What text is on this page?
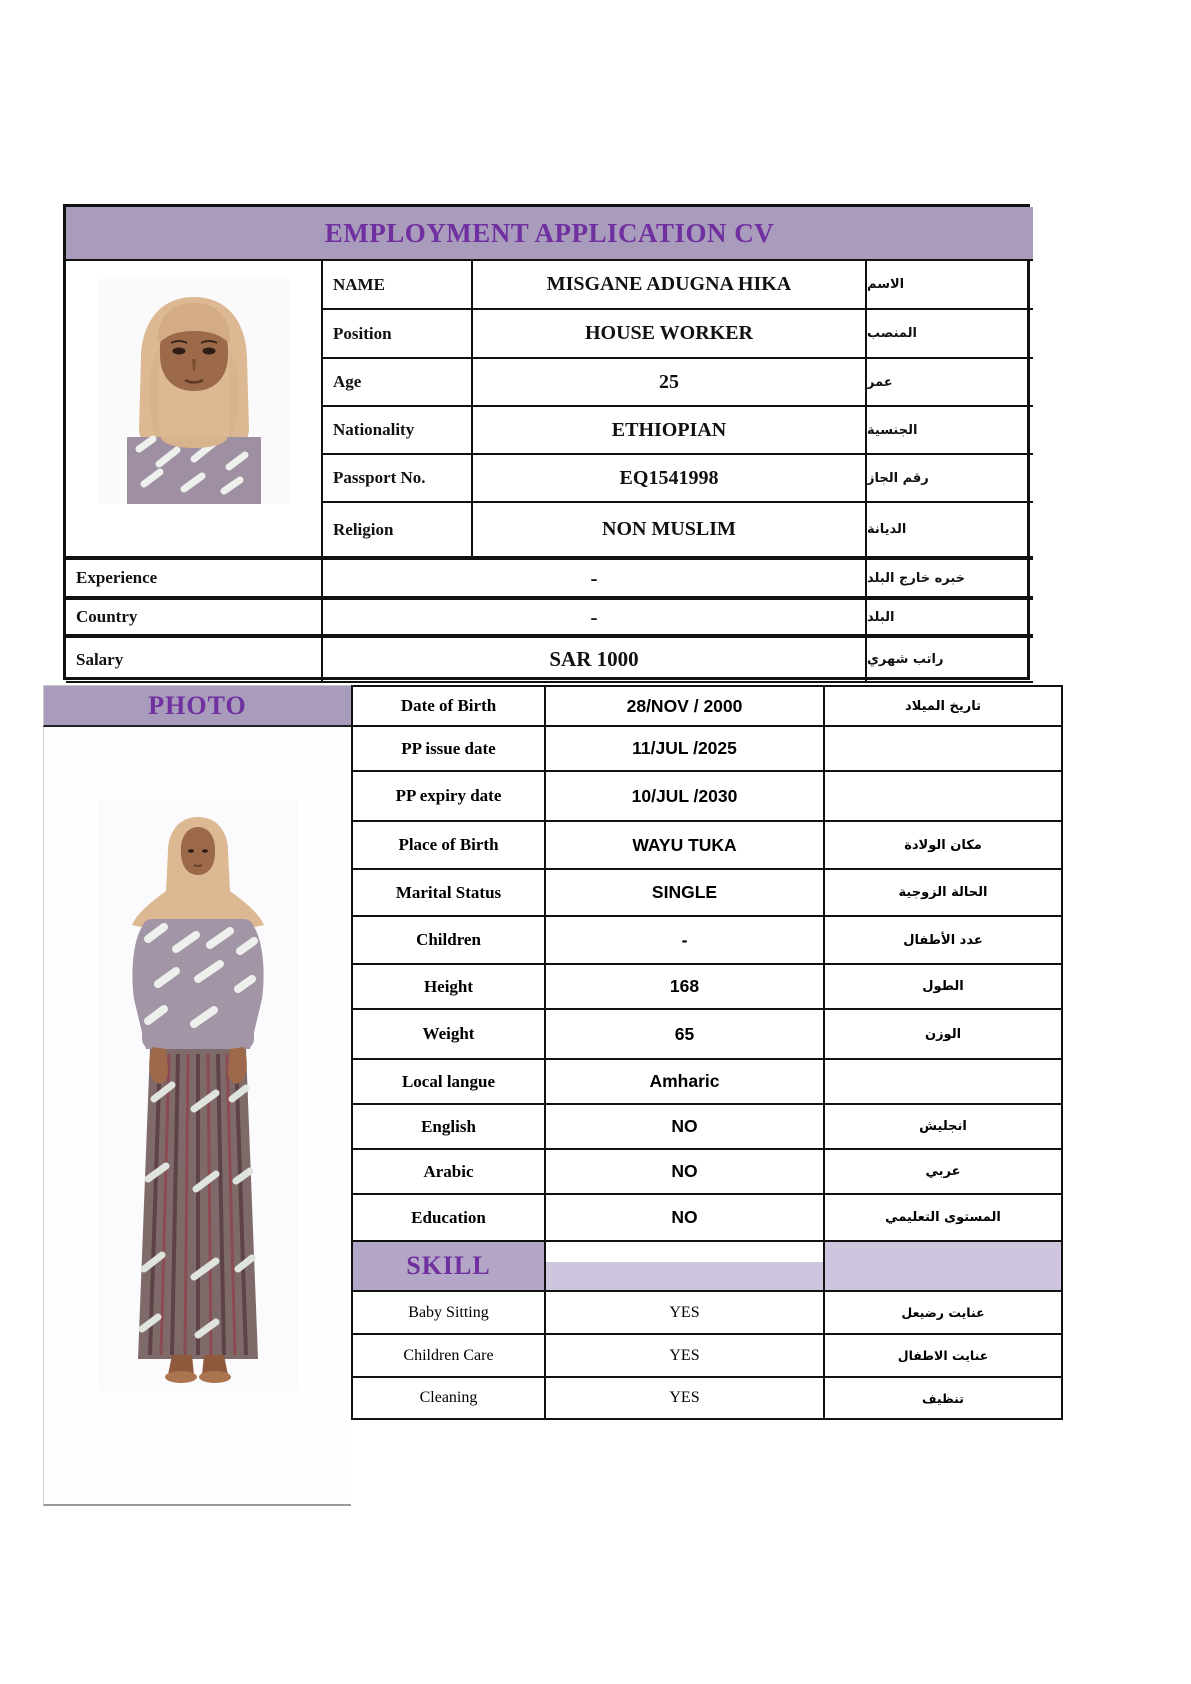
EMPLOYMENT APPLICATION CV
NAME	MISGANE ADUGNA HIKA	الاسم
Position	HOUSE WORKER	المنصب
Age	25	عمر
Nationality	ETHIOPIAN	الجنسية
Passport No.	EQ1541998	رقم الجاز
Religion	NON MUSLIM	الديانة
Experience	-	خبره خارج البلد
Country	-	البلد
Salary	SAR 1000	راتب شهري
PHOTO	Date of Birth	28/NOV / 2000	تاريخ الميلاد
PP issue date	11/JUL /2025
PP expiry date	10/JUL /2030
Place of Birth	WAYU TUKA	مكان الولادة
Marital Status	SINGLE	الحالة الزوجية
Children	-	عدد الأطفال
Height	168	الطول
Weight	65	الوزن
Local langue	Amharic
English	NO	انجليش
Arabic	NO	عربي
Education	NO	المستوى التعليمي
SKILL
Baby Sitting	YES	عنايت رضيعل
Children Care	YES	عنايت الاطفال
Cleaning	YES	تنظيف
